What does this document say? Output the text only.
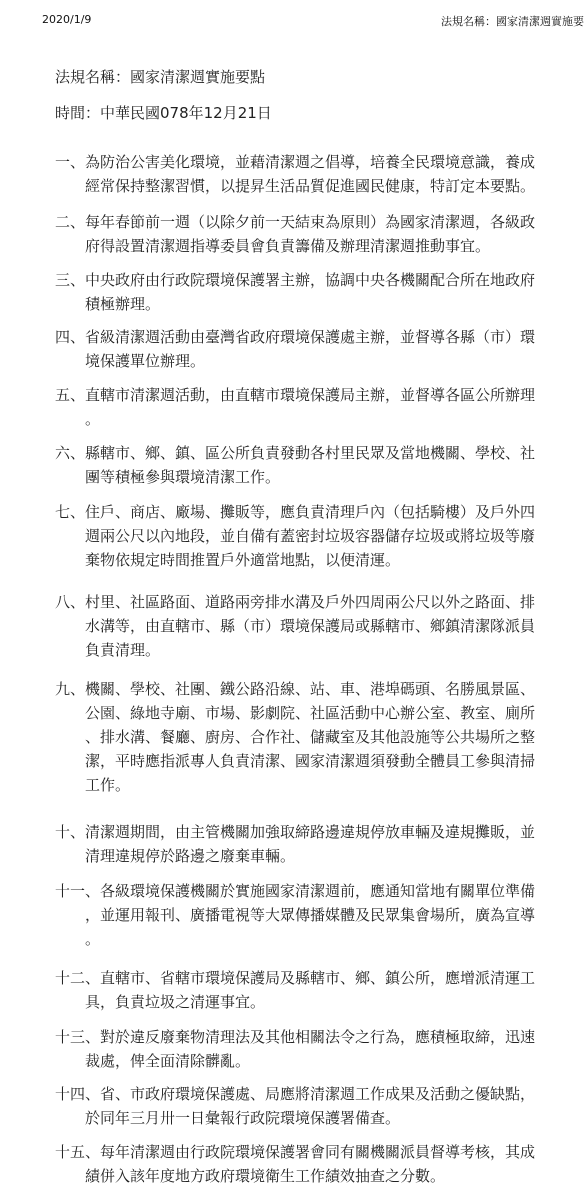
2020/1/9	法規名稱：國家清潔週實施要
法規名稱：國家清潔週實施要點
時間：中華民國078年12月21日
一、為防治公害美化環境，並藉清潔週之倡導，培養全民環境意識，養成
　　經常保持整潔習慣，以提昇生活品質促進國民健康，特訂定本要點。
二、每年春節前一週（以除夕前一天結束為原則）為國家清潔週，各級政
　　府得設置清潔週指導委員會負責籌備及辦理清潔週推動事宜。
三、中央政府由行政院環境保護署主辦，協調中央各機關配合所在地政府
　　積極辦理。
四、省級清潔週活動由臺灣省政府環境保護處主辦，並督導各縣（市）環
　　境保護單位辦理。
五、直轄市清潔週活動，由直轄市環境保護局主辦，並督導各區公所辦理
　　。
六、縣轄市、鄉、鎮、區公所負責發動各村里民眾及當地機關、學校、社
　　團等積極參與環境清潔工作。
七、住戶、商店、廠場、攤販等，應負責清理戶內（包括騎樓）及戶外四
　　週兩公尺以內地段，並自備有蓋密封垃圾容器儲存垃圾或將垃圾等廢
　　棄物依規定時間推置戶外適當地點，以便清運。
八、村里、社區路面、道路兩旁排水溝及戶外四周兩公尺以外之路面、排
　　水溝等，由直轄市、縣（市）環境保護局或縣轄市、鄉鎮清潔隊派員
　　負責清理。
九、機關、學校、社團、鐵公路沿線、站、車、港埠碼頭、名勝風景區、
　　公園、綠地寺廟、市場、影劇院、社區活動中心辦公室、教室、廁所
　　、排水溝、餐廳、廚房、合作社、儲藏室及其他設施等公共場所之整
　　潔，平時應指派專人負責清潔、國家清潔週須發動全體員工參與清掃
　　工作。
十、清潔週期間，由主管機關加強取締路邊違規停放車輛及違規攤販，並
　　清理違規停於路邊之廢棄車輛。
十一、各級環境保護機關於實施國家清潔週前，應通知當地有關單位準備
　　，並運用報刊、廣播電視等大眾傳播媒體及民眾集會場所，廣為宣導
　　。
十二、直轄市、省轄市環境保護局及縣轄市、鄉、鎮公所，應增派清運工
　　具，負責垃圾之清運事宜。
十三、對於違反廢棄物清理法及其他相關法令之行為，應積極取締，迅速
　　裁處，俾全面清除髒亂。
十四、省、市政府環境保護處、局應將清潔週工作成果及活動之優缺點，
　　於同年三月卅一日彙報行政院環境保護署備查。
十五、每年清潔週由行政院環境保護署會同有關機關派員督導考核，其成
　　績併入該年度地方政府環境衛生工作績效抽查之分數。
